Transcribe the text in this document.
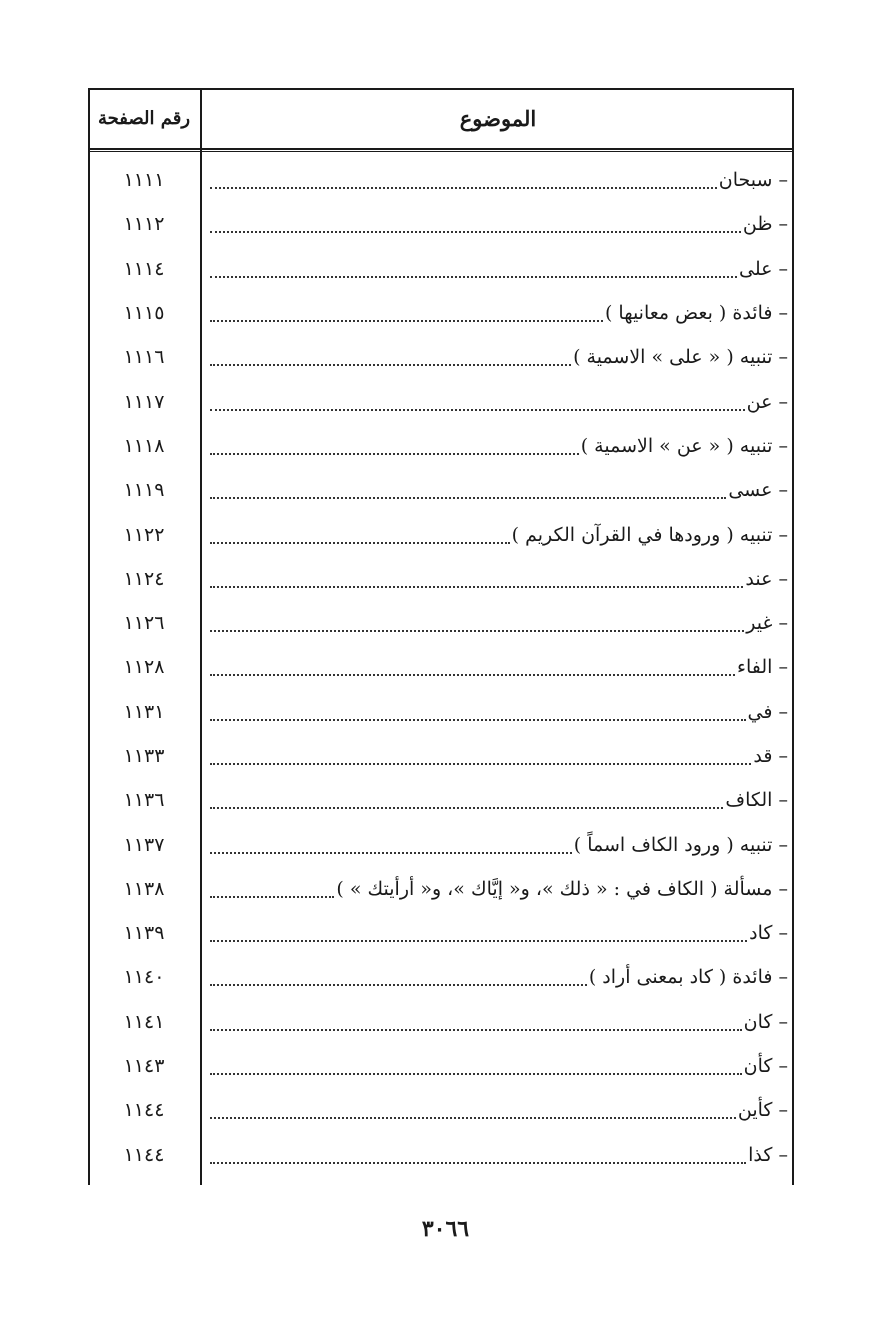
الموضوع
رقم الصفحة
– سبحان
١١١١
– ظن
١١١٢
– على
١١١٤
– فائدة ( بعض معانيها )
١١١٥
– تنبيه ( « على » الاسمية )
١١١٦
– عن
١١١٧
– تنبيه ( « عن » الاسمية )
١١١٨
– عسى
١١١٩
– تنبيه ( ورودها في القرآن الكريم )
١١٢٢
– عند
١١٢٤
– غير
١١٢٦
– الفاء
١١٢٨
– في
١١٣١
– قد
١١٣٣
– الكاف
١١٣٦
– تنبيه ( ورود الكاف اسماً )
١١٣٧
– مسألة ( الكاف في : « ذلك »، و« إيَّاك »، و« أرأيتك » )
١١٣٨
– كاد
١١٣٩
– فائدة ( كاد بمعنى أراد )
١١٤٠
– كان
١١٤١
– كأن
١١٤٣
– كأين
١١٤٤
– كذا
١١٤٤
٣٠٦٦
